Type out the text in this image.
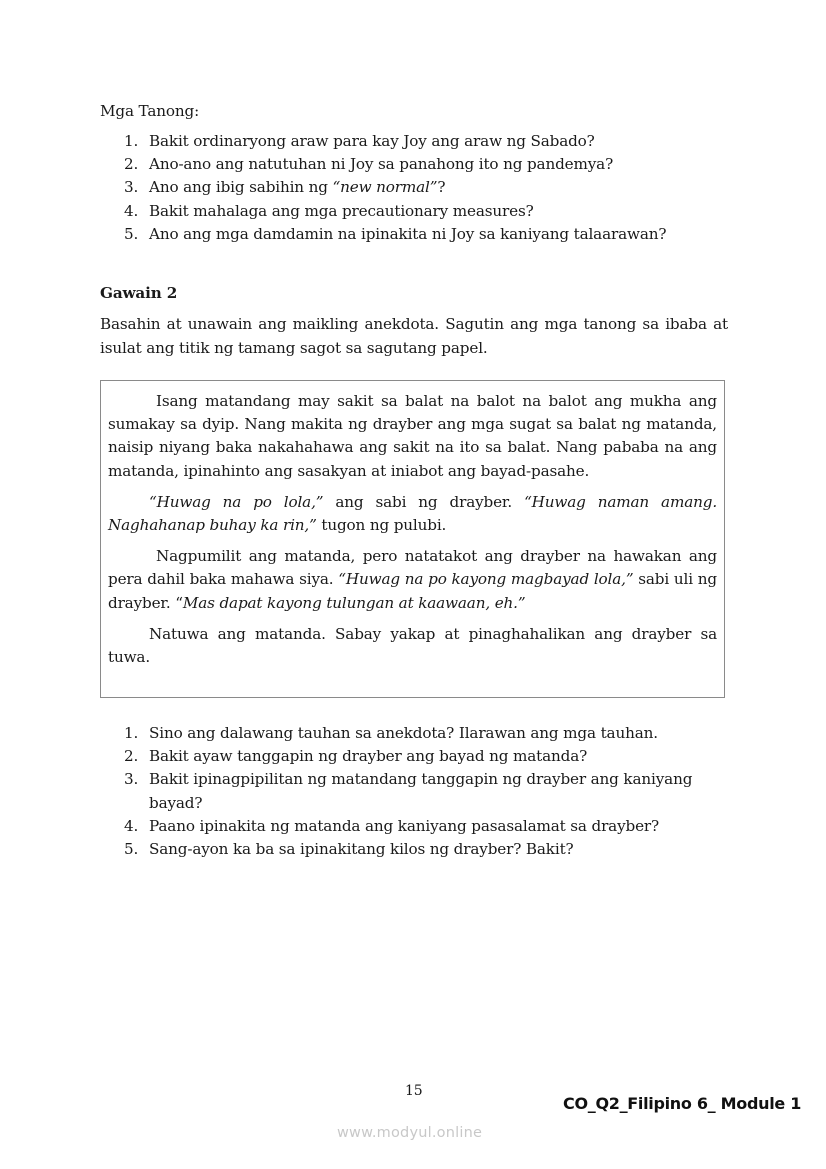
Mga Tanong:
1. Bakit ordinaryong araw para kay Joy ang araw ng Sabado?
2. Ano-ano ang natutuhan ni Joy sa panahong ito ng pandemya?
3. Ano ang ibig sabihin ng “new normal”?
4. Bakit mahalaga ang mga precautionary measures?
5. Ano ang mga damdamin na ipinakita ni Joy sa kaniyang talaarawan?
Gawain 2

Basahin at unawain ang maikling anekdota. Sagutin ang mga tanong sa ibaba at isulat ang titik ng tamang sagot sa sagutang papel.

Isang matandang may sakit sa balat na balot na balot ang mukha ang sumakay sa dyip. Nang makita ng drayber ang mga sugat sa balat ng matanda, naisip niyang baka nakahahawa ang sakit na ito sa balat. Nang pababa na ang matanda, ipinahinto ang sasakyan at iniabot ang bayad-pasahe.

“Huwag na po lola,” ang sabi ng drayber. “Huwag naman amang. Naghahanap buhay ka rin,” tugon ng pulubi.

Nagpumilit ang matanda, pero natatakot ang drayber na hawakan ang pera dahil baka mahawa siya. “Huwag na po kayong magbayad lola,” sabi uli ng drayber. “Mas dapat kayong tulungan at kaawaan, eh.”

Natuwa ang matanda. Sabay yakap at pinaghahalikan ang drayber sa tuwa.

1. Sino ang dalawang tauhan sa anekdota? Ilarawan ang mga tauhan.
2. Bakit ayaw tanggapin ng drayber ang bayad ng matanda?
3. Bakit ipinagpipilitan ng matandang tanggapin ng drayber ang kaniyang bayad?
4. Paano ipinakita ng matanda ang kaniyang pasasalamat sa drayber?
5. Sang-ayon ka ba sa ipinakitang kilos ng drayber? Bakit?
15
CO_Q2_Filipino 6_ Module 1
www.modyul.online
